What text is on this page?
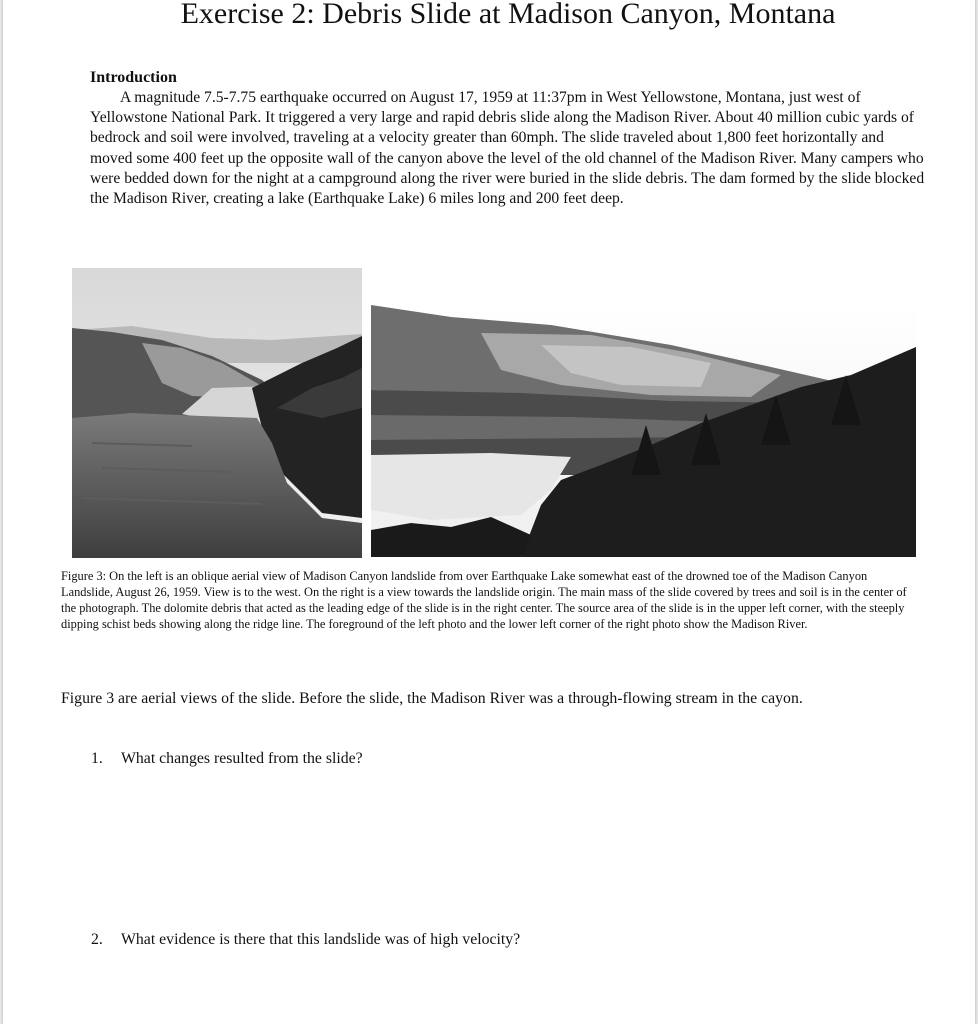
Exercise 2: Debris Slide at Madison Canyon, Montana
Introduction

A magnitude 7.5-7.75 earthquake occurred on August 17, 1959 at 11:37pm in West Yellowstone, Montana, just west of Yellowstone National Park. It triggered a very large and rapid debris slide along the Madison River. About 40 million cubic yards of bedrock and soil were involved, traveling at a velocity greater than 60mph. The slide traveled about 1,800 feet horizontally and moved some 400 feet up the opposite wall of the canyon above the level of the old channel of the Madison River. Many campers who were bedded down for the night at a campground along the river were buried in the slide debris. The dam formed by the slide blocked the Madison River, creating a lake (Earthquake Lake) 6 miles long and 200 feet deep.

Figure 3: On the left is an oblique aerial view of Madison Canyon landslide from over Earthquake Lake somewhat east of the drowned toe of the Madison Canyon Landslide, August 26, 1959. View is to the west. On the right is a view towards the landslide origin. The main mass of the slide covered by trees and soil is in the center of the photograph. The dolomite debris that acted as the leading edge of the slide is in the right center. The source area of the slide is in the upper left corner, with the steeply dipping schist beds showing along the ridge line. The foreground of the left photo and the lower left corner of the right photo show the Madison River.
Figure 3 are aerial views of the slide. Before the slide, the Madison River was a through-flowing stream in the cayon.
1. What changes resulted from the slide?
2. What evidence is there that this landslide was of high velocity?
